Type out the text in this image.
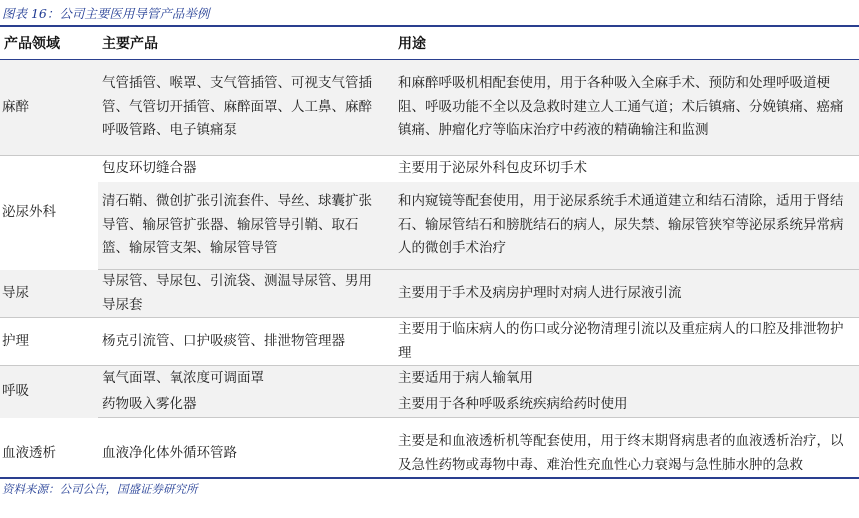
图表 16：公司主要医用导管产品举例
产品领域	主要产品	用途
麻醉	气管插管、喉罩、支气管插管、可视支气管插管、气管切开插管、麻醉面罩、人工鼻、麻醉呼吸管路、电子镇痛泵	和麻醉呼吸机相配套使用，用于各种吸入全麻手术、预防和处理呼吸道梗阻、呼吸功能不全以及急救时建立人工通气道；术后镇痛、分娩镇痛、癌痛镇痛、肿瘤化疗等临床治疗中药液的精确输注和监测
泌尿外科	包皮环切缝合器	主要用于泌尿外科包皮环切手术
	清石鞘、微创扩张引流套件、导丝、球囊扩张导管、输尿管扩张器、输尿管导引鞘、取石篮、输尿管支架、输尿管导管	和内窥镜等配套使用，用于泌尿系统手术通道建立和结石清除，适用于肾结石、输尿管结石和膀胱结石的病人，尿失禁、输尿管狭窄等泌尿系统异常病人的微创手术治疗
导尿	导尿管、导尿包、引流袋、测温导尿管、男用导尿套	主要用于手术及病房护理时对病人进行尿液引流
护理	杨克引流管、口护吸痰管、排泄物管理器	主要用于临床病人的伤口或分泌物清理引流以及重症病人的口腔及排泄物护理
呼吸	氧气面罩、氧浓度可调面罩	主要适用于病人输氧用
	药物吸入雾化器	主要用于各种呼吸系统疾病给药时使用
血液透析	血液净化体外循环管路	主要是和血液透析机等配套使用，用于终末期肾病患者的血液透析治疗，以及急性药物或毒物中毒、难治性充血性心力衰竭与急性肺水肿的急救
资料来源：公司公告，国盛证券研究所
